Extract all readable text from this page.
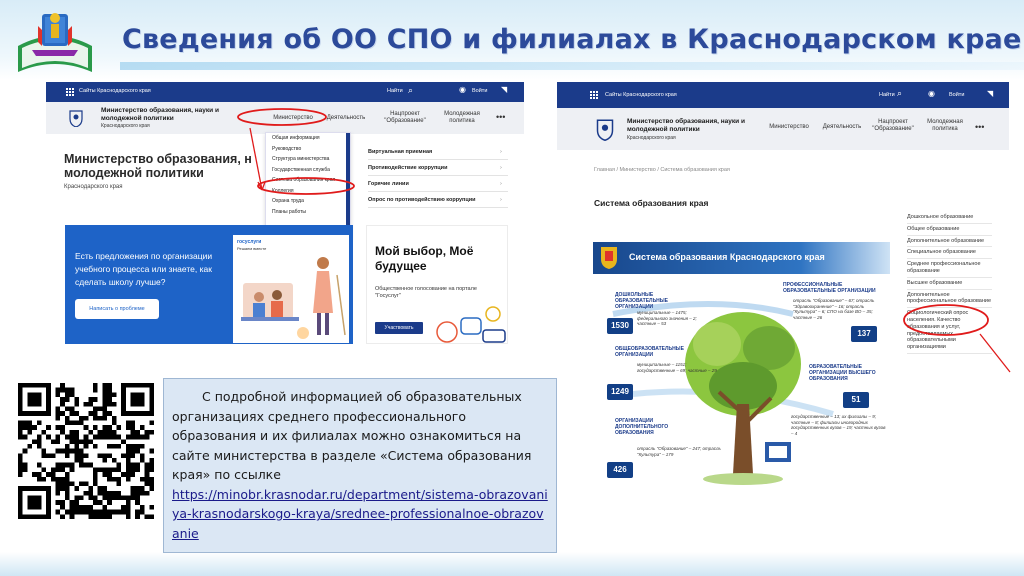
Сведения об ОО СПО и филиалах в Краснодарском крае
Сайты Краснодарского края	Найти ⌕	◉ Войти ◥
Министерство образования, науки и молодежной политики
Краснодарского края
Министерство	Деятельность
Нацпроект "Образование"
Молодежная политика	•••
Министерство образования, н молодежной политики
Краснодарского края
Виртуальная приемная	›
Противодействие коррупции	›
Горячие линии	›
Опрос по противодействию коррупции	›
Общая информация
Руководство
Структура министерства
Государственная служба
Система образования края
Коллегия
Охрана труда
Планы работы
Есть предложения по организации учебного процесса или знаете, как сделать школу лучше?
Написать о проблеме
госуслуги
Решаем вместе	Мой выбор, Моё будущее
Общественное голосование на портале "Госуслуг"
Участвовать
Сайты Краснодарского края	Найти ⌕	◉	Войти	◥
Министерство образования, науки и молодежной политики
Краснодарского края
Министерство	Деятельность
Нацпроект "Образование"
Молодежная политика	•••
Главная / Министерство / Система образования края
Система образования края
Дошкольное образование
Общее образование
Дополнительное образование
Специальное образование
Среднее профессиональное образование
Высшее образование
Дополнительное профессиональное образование
Социологический опрос населения. Качество образования и услуг, предоставляемых образовательными организациями
Система образования Краснодарского края
1530
ДОШКОЛЬНЫЕ ОБРАЗОВАТЕЛЬНЫЕ ОРГАНИЗАЦИИ
муниципальные – 1475; федерального значения – 2; частные – 53
1249
ОБЩЕОБРАЗОВАТЕЛЬНЫЕ ОРГАНИЗАЦИИ
муниципальные – 1151; государственные – 69; частные – 29
426
ОРГАНИЗАЦИИ ДОПОЛНИТЕЛЬНОГО ОБРАЗОВАНИЯ
отрасль "Образование" – 247; отрасль "Культура" – 179
137
ПРОФЕССИОНАЛЬНЫЕ ОБРАЗОВАТЕЛЬНЫЕ ОРГАНИЗАЦИИ
отрасль "Образование" – 67; отрасль "Здравоохранение" – 16; отрасль "Культура" – 6; СПО на базе ВО – 35; частные – 26
51
ОБРАЗОВАТЕЛЬНЫЕ ОРГАНИЗАЦИИ ВЫСШЕГО ОБРАЗОВАНИЯ
государственные – 13; их филиалы – 9; частные – 8; филиалы иногородних государственных вузов – 19; частных вузов – 4
С подробной информацией об образовательных организациях среднего профессионального образования и их филиалах можно ознакомиться на сайте министерства в разделе «Система образования края» по ссылке
https://minobr.krasnodar.ru/department/sistema-obrazovaniya-krasnodarskogo-kraya/srednee-professionalnoe-obrazovanie
